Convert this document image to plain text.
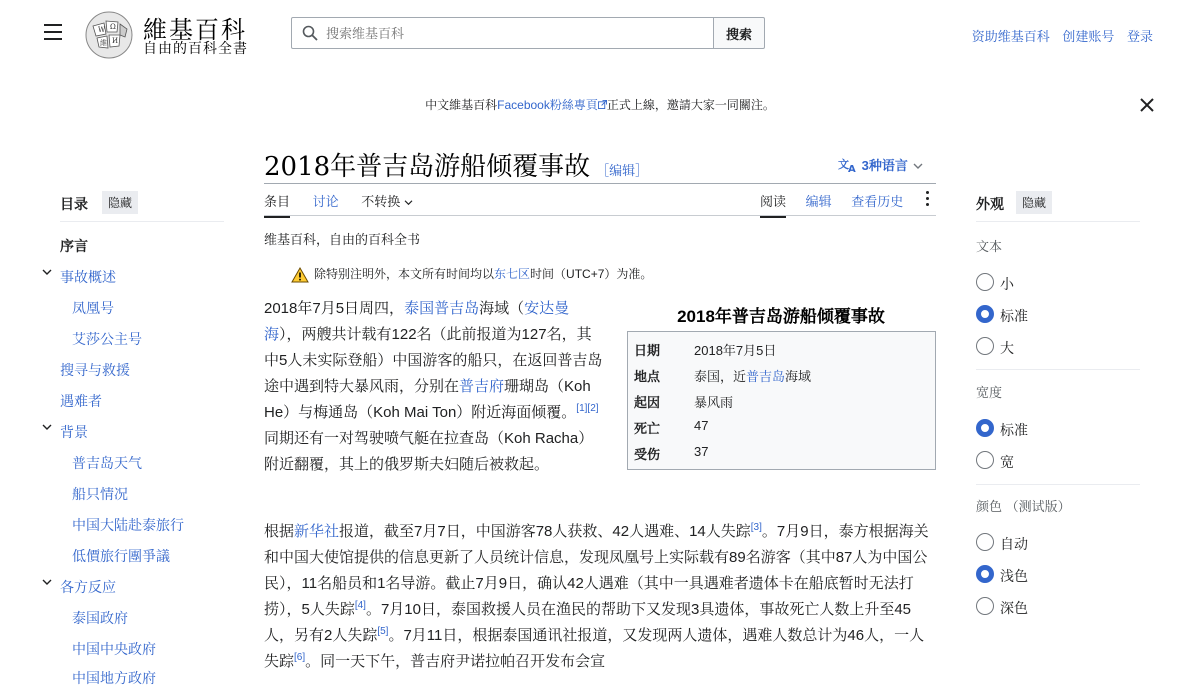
W Ω
維 И 維基百科
自由的百科全書
搜索维基百科
搜索	资助维基百科 创建账号 登录
中文維基百科Facebook粉絲專頁 正式上線，邀請大家一同關注。
2018年普吉岛游船倾覆事故 ［编辑］	文 A 3种语言
条目 讨论 不转换	阅读 编辑 查看历史
维基百科，自由的百科全书
除特别注明外，本文所有时间均以东七区时间（UTC+7）为准。
2018年7月5日周四，泰国普吉岛海域（安达曼海），两艘共计载有122名（此前报道为127名，其中5人未实际登船）中国游客的船只，在返回普吉岛途中遇到特大暴风雨，分别在普吉府珊瑚岛（Koh He）与梅通岛（Koh Mai Ton）附近海面倾覆。[1][2]同期还有一对驾驶喷气艇在拉查岛（Koh Racha）附近翻覆，其上的俄罗斯夫妇随后被救起。
2018年普吉岛游船倾覆事故
日期	2018年7月5日
地点	泰国，近普吉岛海域
起因	暴风雨
死亡	47
受伤	37
根据新华社报道，截至7月7日，中国游客78人获救、42人遇难、14人失踪[3]。7月9日，泰方根据海关和中国大使馆提供的信息更新了人员统计信息，发现凤凰号上实际载有89名游客（其中87人为中国公民），11名船员和1名导游。截止7月9日，确认42人遇难（其中一具遇难者遗体卡在船底暂时无法打捞），5人失踪[4]。7月10日，泰国救援人员在渔民的帮助下又发现3具遗体，事故死亡人数上升至45人，另有2人失踪[5]。7月11日，根据泰国通讯社报道，又发现两人遗体，遇难人数总计为46人，一人失踪[6]。同一天下午，普吉府尹诺拉帕召开发布会宣
目录	隐藏
序言
事故概述
凤凰号
艾莎公主号
搜寻与救援
遇难者
背景
普吉岛天气
船只情况
中国大陆赴泰旅行
低價旅行團爭議
各方反应
泰国政府
中国中央政府
中国地方政府
外观	隐藏
文本
小
标准
大
宽度
标准
宽
颜色 （测试版）
自动
浅色
深色
